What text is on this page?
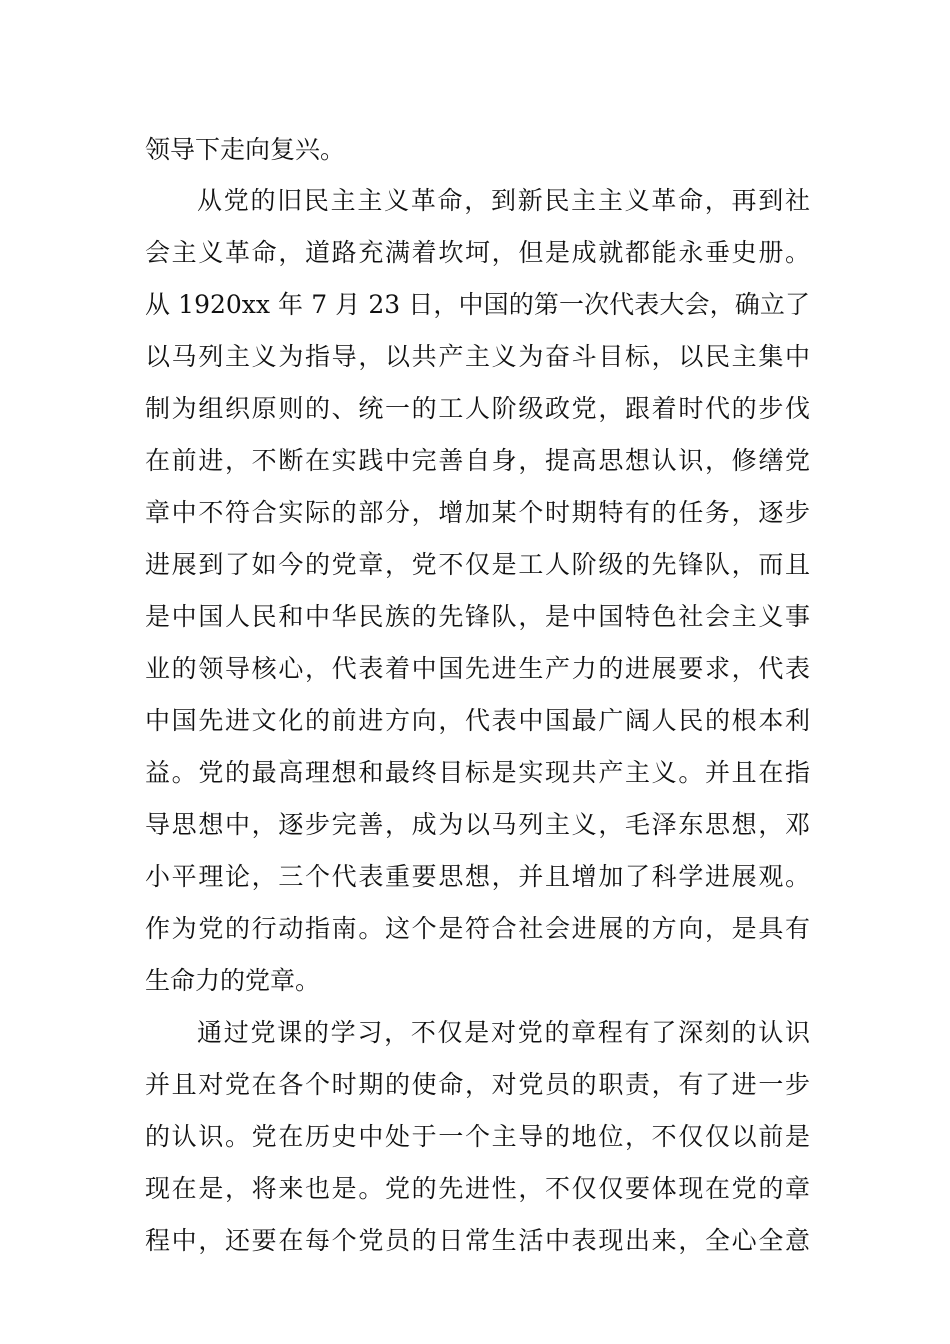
领导下走向复兴。
从党的旧民主主义革命，到新民主主义革命，再到社
会主义革命，道路充满着坎坷，但是成就都能永垂史册。
从 1920xx 年 7 月 23 日，中国的第一次代表大会，确立了
以马列主义为指导，以共产主义为奋斗目标，以民主集中
制为组织原则的、统一的工人阶级政党，跟着时代的步伐
在前进，不断在实践中完善自身，提高思想认识，修缮党
章中不符合实际的部分，增加某个时期特有的任务，逐步
进展到了如今的党章，党不仅是工人阶级的先锋队，而且
是中国人民和中华民族的先锋队，是中国特色社会主义事
业的领导核心，代表着中国先进生产力的进展要求，代表
中国先进文化的前进方向，代表中国最广阔人民的根本利
益。党的最高理想和最终目标是实现共产主义。并且在指
导思想中，逐步完善，成为以马列主义，毛泽东思想，邓
小平理论，三个代表重要思想，并且增加了科学进展观。
作为党的行动指南。这个是符合社会进展的方向，是具有
生命力的党章。
通过党课的学习，不仅是对党的章程有了深刻的认识
并且对党在各个时期的使命，对党员的职责，有了进一步
的认识。党在历史中处于一个主导的地位，不仅仅以前是
现在是，将来也是。党的先进性，不仅仅要体现在党的章
程中，还要在每个党员的日常生活中表现出来，全心全意
